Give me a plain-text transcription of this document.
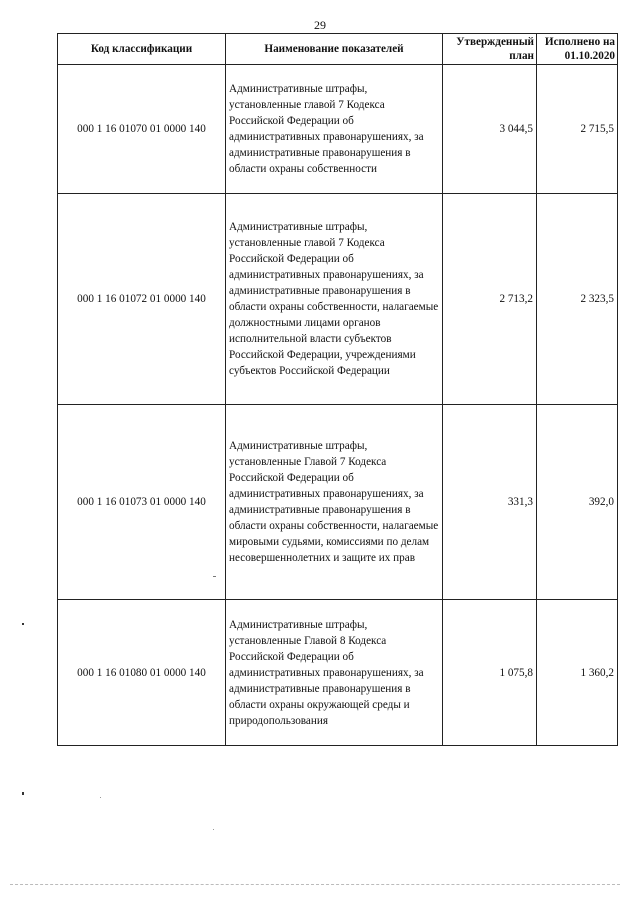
29
Код классификации	Наименование показателей	Утвержденный план	Исполнено на 01.10.2020
000 1 16 01070 01 0000 140	Административные штрафы, установленные главой 7 Кодекса Российской Федерации об административных правонарушениях, за административные правонарушения в области охраны собственности	3 044,5	2 715,5
000 1 16 01072 01 0000 140	Административные штрафы, установленные главой 7 Кодекса Российской Федерации об административных правонарушениях, за административные правонарушения в области охраны собственности, налагаемые должностными лицами органов исполнительной власти субъектов Российской Федерации, учреждениями субъектов Российской Федерации	2 713,2	2 323,5
000 1 16 01073 01 0000 140	Административные штрафы, установленные Главой 7 Кодекса Российской Федерации об административных правонарушениях, за административные правонарушения в области охраны собственности, налагаемые мировыми судьями, комиссиями по делам несовершеннолетних и защите их прав	331,3	392,0
000 1 16 01080 01 0000 140	Административные штрафы, установленные Главой 8 Кодекса Российской Федерации об административных правонарушениях, за административные правонарушения в области охраны окружающей среды и природопользования	1 075,8	1 360,2
